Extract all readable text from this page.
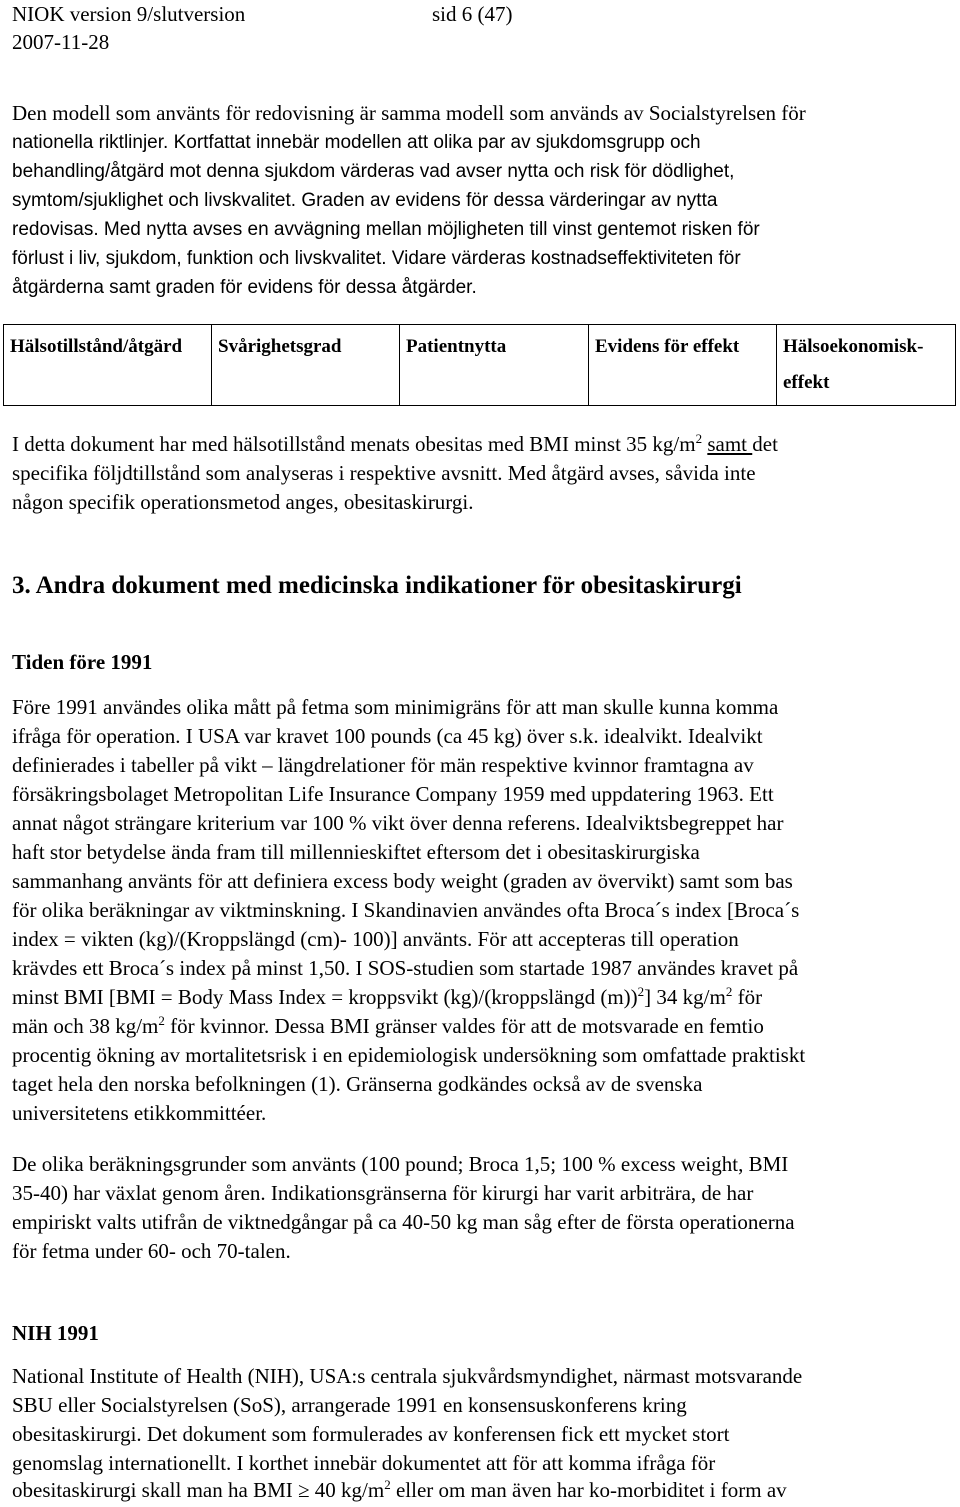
NIOK version 9/slutversion	sid 6 (47)
2007-11-28
Den modell som använts för redovisning är samma modell som används av Socialstyrelsen för
nationella riktlinjer. Kortfattat innebär modellen att olika par av sjukdomsgrupp och
behandling/åtgärd mot denna sjukdom värderas vad avser nytta och risk för dödlighet,
symtom/sjuklighet och livskvalitet. Graden av evidens för dessa värderingar av nytta
redovisas. Med nytta avses en avvägning mellan möjligheten till vinst gentemot risken för
förlust i liv, sjukdom, funktion och livskvalitet. Vidare värderas kostnadseffektiviteten för
åtgärderna samt graden för evidens för dessa åtgärder.
Hälsotillstånd/åtgärd	Svårighetsgrad	Patientnytta	Evidens för effekt	Hälsoekonomisk-
effekt
I detta dokument har med hälsotillstånd menats obesitas med BMI minst 35 $kg/m^2$ samt det
specifika följdtillstånd som analyseras i respektive avsnitt. Med åtgärd avses, såvida inte
någon specifik operationsmetod anges, obesitaskirurgi.
3. Andra dokument med medicinska indikationer för obesitaskirurgi
Tiden före 1991
Före 1991 användes olika mått på fetma som minimigräns för att man skulle kunna komma
ifråga för operation. I USA var kravet 100 pounds (ca 45 kg) över s.k. idealvikt. Idealvikt
definierades i tabeller på vikt – längdrelationer för män respektive kvinnor framtagna av
försäkringsbolaget Metropolitan Life Insurance Company 1959 med uppdatering 1963. Ett
annat något strängare kriterium var 100 % vikt över denna referens. Idealviktsbegreppet har
haft stor betydelse ända fram till millennieskiftet eftersom det i obesitaskirurgiska
sammanhang använts för att definiera excess body weight (graden av övervikt) samt som bas
för olika beräkningar av viktminskning. I Skandinavien användes ofta Broca´s index [Broca´s
index = vikten (kg)/(Kroppslängd (cm)- 100)] använts. För att accepteras till operation
krävdes ett Broca´s index på minst 1,50. I SOS-studien som startade 1987 användes kravet på
minst BMI [BMI = Body Mass Index = kroppsvikt (kg)/(kroppslängd (m))$^2$] 34 $kg/m^2$ för
män och 38 $kg/m^2$ för kvinnor. Dessa BMI gränser valdes för att de motsvarade en femtio
procentig ökning av mortalitetsrisk i en epidemiologisk undersökning som omfattade praktiskt
taget hela den norska befolkningen (1). Gränserna godkändes också av de svenska
universitetens etikkommittéer.
De olika beräkningsgrunder som använts (100 pound; Broca 1,5; 100 % excess weight, BMI
35-40) har växlat genom åren. Indikationsgränserna för kirurgi har varit arbiträra, de har
empiriskt valts utifrån de viktnedgångar på ca 40-50 kg man såg efter de första operationerna
för fetma under 60- och 70-talen.
NIH 1991
National Institute of Health (NIH), USA:s centrala sjukvårdsmyndighet, närmast motsvarande
SBU eller Socialstyrelsen (SoS), arrangerade 1991 en konsensuskonferens kring
obesitaskirurgi. Det dokument som formulerades av konferensen fick ett mycket stort
genomslag internationellt. I korthet innebär dokumentet att för att komma ifråga för
obesitaskirurgi skall man ha BMI ≥ 40 $kg/m^2$ eller om man även har ko-morbiditet i form av
